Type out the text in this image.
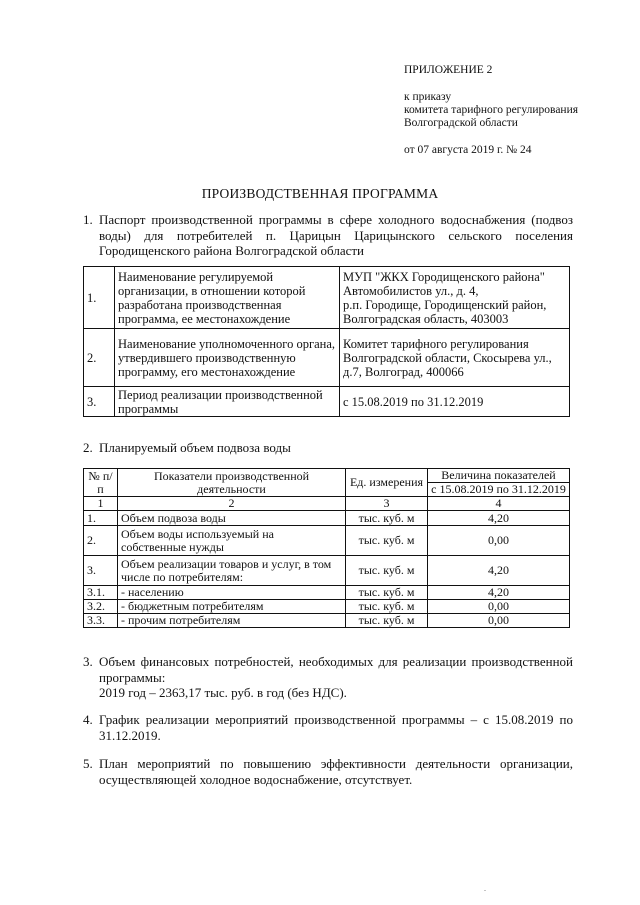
ПРИЛОЖЕНИЕ 2
к приказу
комитета тарифного регулирования
Волгоградской области
от 07 августа 2019 г. № 24
ПРОИЗВОДСТВЕННАЯ ПРОГРАММА
1. Паспорт производственной программы в сфере холодного водоснабжения (подвоз воды) для потребителей п. Царицын Царицынского сельского поселения Городищенского района Волгоградской области
1.	Наименование регулируемой организации, в отношении которой разработана производственная программа, ее местонахождение	МУП "ЖКХ Городищенского района"
Автомобилистов ул., д. 4,
р.п. Городище, Городищенский район,
Волгоградская область, 403003

2.	Наименование уполномоченного органа, утвердившего производственную программу, его местонахождение	Комитет тарифного регулирования
Волгоградской области, Скосырева ул.,
д.7, Волгоград, 400066

3.	Период реализации производственной программы	с 15.08.2019 по 31.12.2019
2. Планируемый объем подвоза воды
№ п/п	Показатели производственной деятельности	Ед. измерения	Величина показателей
			с 15.08.2019 по 31.12.2019
1	2	3	4
1.	Объем подвоза воды	тыс. куб. м	4,20
2.	Объем воды используемый на собственные нужды	тыс. куб. м	0,00
3.	Объем реализации товаров и услуг, в том числе по потребителям:	тыс. куб. м	4,20
3.1.	- населению	тыс. куб. м	4,20
3.2.	- бюджетным потребителям	тыс. куб. м	0,00
3.3.	- прочим потребителям	тыс. куб. м	0,00
3. Объем финансовых потребностей, необходимых для реализации производственной программы:
2019 год – 2363,17 тыс. руб. в год (без НДС).
4. График реализации мероприятий производственной программы – с 15.08.2019 по 31.12.2019.
5. План мероприятий по повышению эффективности деятельности организации, осуществляющей холодное водоснабжение, отсутствует.
.
